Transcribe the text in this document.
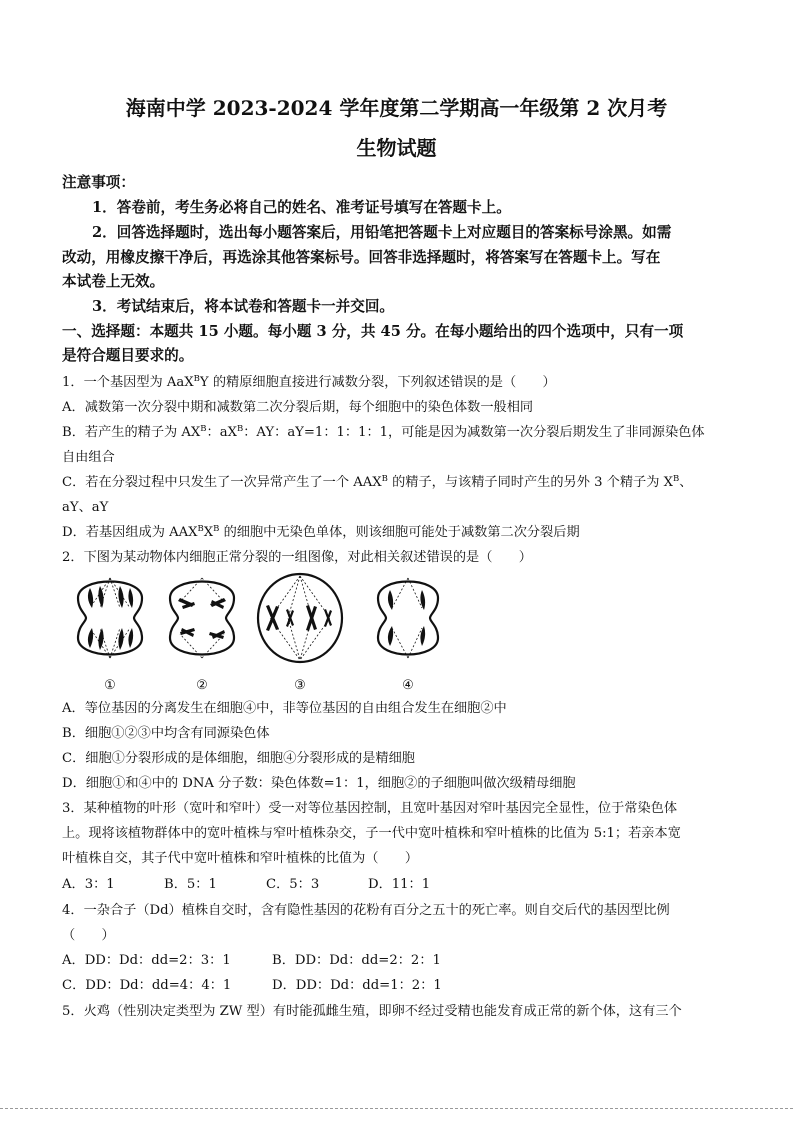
海南中学 2023-2024 学年度第二学期高一年级第 2 次月考
生物试题
注意事项：
1．答卷前，考生务必将自己的姓名、准考证号填写在答题卡上。
2．回答选择题时，选出每小题答案后，用铅笔把答题卡上对应题目的答案标号涂黑。如需
改动，用橡皮擦干净后，再选涂其他答案标号。回答非选择题时，将答案写在答题卡上。写在
本试卷上无效。
3．考试结束后，将本试卷和答题卡一并交回。
一、选择题：本题共 15 小题。每小题 3 分，共 45 分。在每小题给出的四个选项中，只有一项
是符合题目要求的。
1．一个基因型为 AaX$^B$Y 的精原细胞直接进行减数分裂，下列叙述错误的是（　　）
A．减数第一次分裂中期和减数第二次分裂后期，每个细胞中的染色体数一般相同
B．若产生的精子为 $AX^B$：$aX^B$：AY：aY=1：1：1：1，可能是因为减数第一次分裂后期发生了非同源染色体
自由组合
C．若在分裂过程中只发生了一次异常产生了一个 $AAX^B$ 的精子，与该精子同时产生的另外 3 个精子为 $X^B$、
aY、aY
D．若基因组成为 $AAX^BX^B$ 的细胞中无染色单体，则该细胞可能处于减数第二次分裂后期
2．下图为某动物体内细胞正常分裂的一组图像，对此相关叙述错误的是（　　）
①	②	③	④
A．等位基因的分离发生在细胞④中，非等位基因的自由组合发生在细胞②中
B．细胞①②③中均含有同源染色体
C．细胞①分裂形成的是体细胞，细胞④分裂形成的是精细胞
D．细胞①和④中的 DNA 分子数：染色体数=1：1，细胞②的子细胞叫做次级精母细胞
3．某种植物的叶形（宽叶和窄叶）受一对等位基因控制，且宽叶基因对窄叶基因完全显性，位于常染色体
上。现将该植物群体中的宽叶植株与窄叶植株杂交，子一代中宽叶植株和窄叶植株的比值为 5:1；若亲本宽
叶植株自交，其子代中宽叶植株和窄叶植株的比值为（　　）
A．3：1	B．5：1	C．5：3	D．11：1
4．一杂合子（Dd）植株自交时，含有隐性基因的花粉有百分之五十的死亡率。则自交后代的基因型比例
（　　）
A．DD：Dd：dd=2：3：1	B．DD：Dd：dd=2：2：1
C．DD：Dd：dd=4：4：1	D．DD：Dd：dd=1：2：1
5．火鸡（性别决定类型为 ZW 型）有时能孤雌生殖，即卵不经过受精也能发育成正常的新个体，这有三个
